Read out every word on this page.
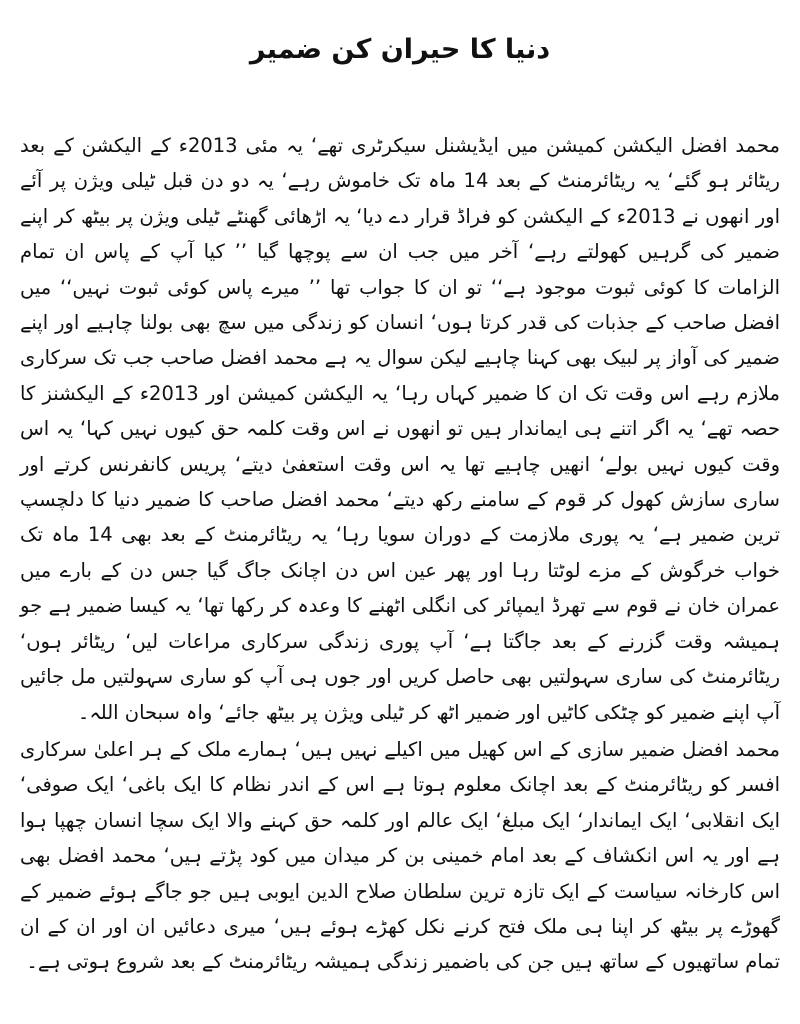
دنیا کا حیران کن ضمیر

محمد افضل الیکشن کمیشن میں ایڈیشنل سیکرٹری تھے‘ یہ مئی 2013ء کے الیکشن کے بعد ریٹائر ہو گئے‘ یہ ریٹائرمنٹ کے بعد 14 ماہ تک خاموش رہے‘ یہ دو دن قبل ٹیلی ویژن پر آئے اور انھوں نے 2013ء کے الیکشن کو فراڈ قرار دے دیا‘ یہ اڑھائی گھنٹے ٹیلی ویژن پر بیٹھ کر اپنے ضمیر کی گرہیں کھولتے رہے‘ آخر میں جب ان سے پوچھا گیا ’’ کیا آپ کے پاس ان تمام الزامات کا کوئی ثبوت موجود ہے‘‘ تو ان کا جواب تھا ’’ میرے پاس کوئی ثبوت نہیں‘‘ میں افضل صاحب کے جذبات کی قدر کرتا ہوں‘ انسان کو زندگی میں سچ بھی بولنا چاہیے اور اپنے ضمیر کی آواز پر لبیک بھی کہنا چاہیے لیکن سوال یہ ہے محمد افضل صاحب جب تک سرکاری ملازم رہے اس وقت تک ان کا ضمیر کہاں رہا‘ یہ الیکشن کمیشن اور 2013ء کے الیکشنز کا حصہ تھے‘ یہ اگر اتنے ہی ایماندار ہیں تو انھوں نے اس وقت کلمہ حق کیوں نہیں کہا‘ یہ اس وقت کیوں نہیں بولے‘ انھیں چاہیے تھا یہ اس وقت استعفیٰ دیتے‘ پریس کانفرنس کرتے اور ساری سازش کھول کر قوم کے سامنے رکھ دیتے‘ محمد افضل صاحب کا ضمیر دنیا کا دلچسپ ترین ضمیر ہے‘ یہ پوری ملازمت کے دوران سویا رہا‘ یہ ریٹائرمنٹ کے بعد بھی 14 ماہ تک خواب خرگوش کے مزے لوٹتا رہا اور پھر عین اس دن اچانک جاگ گیا جس دن کے بارے میں عمران خان نے قوم سے تھرڈ ایمپائر کی انگلی اٹھنے کا وعدہ کر رکھا تھا‘ یہ کیسا ضمیر ہے جو ہمیشہ وقت گزرنے کے بعد جاگتا ہے‘ آپ پوری زندگی سرکاری مراعات لیں‘ ریٹائر ہوں‘ ریٹائرمنٹ کی ساری سہولتیں بھی حاصل کریں اور جوں ہی آپ کو ساری سہولتیں مل جائیں آپ اپنے ضمیر کو چٹکی کاٹیں اور ضمیر اٹھ کر ٹیلی ویژن پر بیٹھ جائے‘ واہ سبحان اللہ۔

محمد افضل ضمیر سازی کے اس کھیل میں اکیلے نہیں ہیں‘ ہمارے ملک کے ہر اعلیٰ سرکاری افسر کو ریٹائرمنٹ کے بعد اچانک معلوم ہوتا ہے اس کے اندر نظام کا ایک باغی‘ ایک صوفی‘ ایک انقلابی‘ ایک ایماندار‘ ایک مبلغ‘ ایک عالم اور کلمہ حق کہنے والا ایک سچا انسان چھپا ہوا ہے اور یہ اس انکشاف کے بعد امام خمینی بن کر میدان میں کود پڑتے ہیں‘ محمد افضل بھی اس کارخانہ سیاست کے ایک تازہ ترین سلطان صلاح الدین ایوبی ہیں جو جاگے ہوئے ضمیر کے گھوڑے پر بیٹھ کر اپنا ہی ملک فتح کرنے نکل کھڑے ہوئے ہیں‘ میری دعائیں ان اور ان کے ان تمام ساتھیوں کے ساتھ ہیں جن کی باضمیر زندگی ہمیشہ ریٹائرمنٹ کے بعد شروع ہوتی ہے۔
